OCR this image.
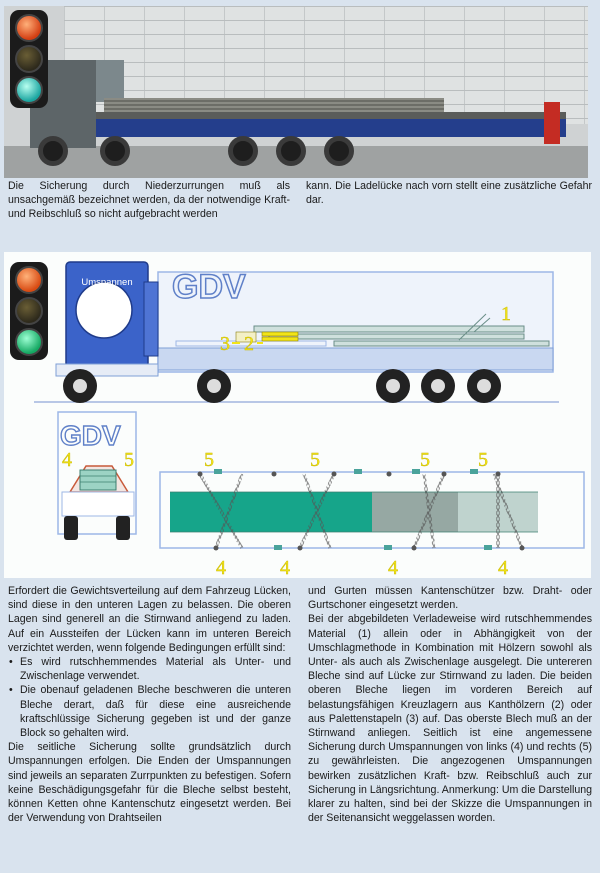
Die Sicherung durch Niederzurrungen muß als unsachgemäß bezeichnet werden, da der notwendige Kraft- und Reibschluß so nicht aufgebracht werden
kann. Die Ladelücke nach vorn stellt eine zusätzliche Gefahr dar.
GDV
1
2
3
Umspannen
GDV
4	5	5	5	5 5
4	4	4	4

Erfordert die Gewichtsverteilung auf dem Fahrzeug Lücken, sind diese in den unteren Lagen zu belassen. Die oberen Lagen sind generell an die Stirnwand anliegend zu laden. Auf ein Aussteifen der Lücken kann im unteren Bereich verzichtet werden, wenn folgende Bedingungen erfüllt sind:

• Es wird rutschhemmendes Material als Unter- und Zwischenlage verwendet.

• Die obenauf geladenen Bleche beschweren die unteren Bleche derart, daß für diese eine ausreichende kraftschlüssige Sicherung gegeben ist und der ganze Block so gehalten wird.

Die seitliche Sicherung sollte grundsätzlich durch Umspannungen erfolgen. Die Enden der Umspannungen sind jeweils an separaten Zurrpunkten zu befestigen. Sofern keine Beschädigungsgefahr für die Bleche selbst besteht, können Ketten ohne Kantenschutz eingesetzt werden. Bei der Verwendung von Drahtseilen

und Gurten müssen Kantenschützer bzw. Draht- oder Gurtschoner eingesetzt werden.

Bei der abgebildeten Verladeweise wird rutschhemmendes Material (1) allein oder in Abhängigkeit von der Umschlagmethode in Kombination mit Hölzern sowohl als Unter- als auch als Zwischenlage ausgelegt. Die untereren Bleche sind auf Lücke zur Stirnwand zu laden. Die beiden oberen Bleche liegen im vorderen Bereich auf belastungsfähigen Kreuzlagern aus Kanthölzern (2) oder aus Palettenstapeln (3) auf. Das oberste Blech muß an der Stirnwand anliegen. Seitlich ist eine angemessene Sicherung durch Umspannungen von links (4) und rechts (5) zu gewährleisten. Die angezogenen Umspannungen bewirken zusätzlichen Kraft- bzw. Reibschluß auch zur Sicherung in Längsrichtung. Anmerkung: Um die Darstellung klarer zu halten, sind bei der Skizze die Umspannungen in der Seitenansicht weggelassen worden.
